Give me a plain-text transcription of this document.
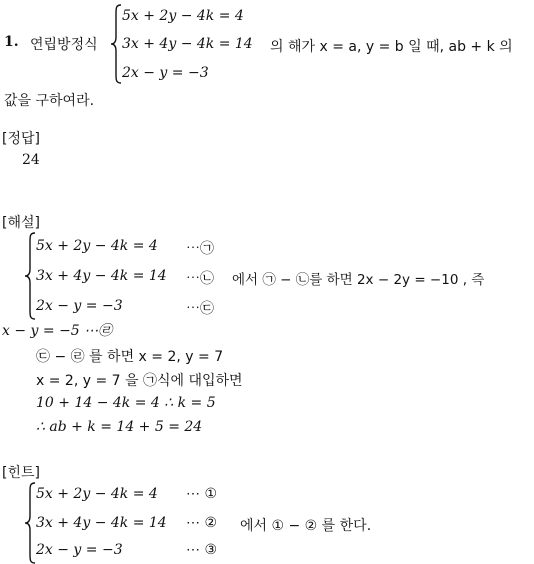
1. 연립방정식
5x + 2y − 4k = 4
3x + 4y − 4k = 14
2x − y = −3
의 해가 x = a, y = b 일 때, ab + k 의
값을 구하여라.
[정답]
24
[해설]
5x + 2y − 4k = 4 ⋯㉠
3x + 4y − 4k = 14 ⋯㉡
2x − y = −3	⋯㉢
에서 ㉠ − ㉡를 하면 2x − 2y = −10 , 즉
x − y = −5 ⋯㉣
㉢ − ㉣ 를 하면 x = 2, y = 7
x = 2, y = 7 을 ㉠식에 대입하면
10 + 14 − 4k = 4 ∴ k = 5
∴ ab + k = 14 + 5 = 24
[힌트]
5x + 2y − 4k = 4 ⋯ ①
3x + 4y − 4k = 14 ⋯ ②
2x − y = −3	⋯ ③
에서 ① − ② 를 한다.
